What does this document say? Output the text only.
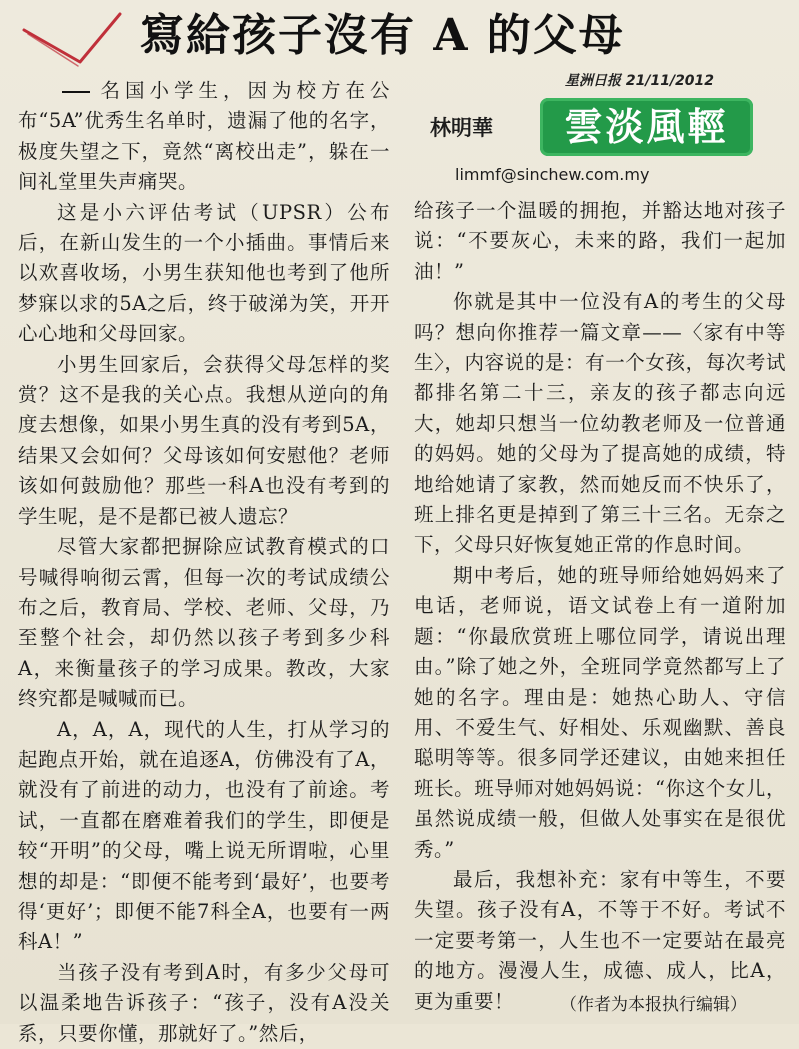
寫給孩子沒有 A 的父母
星洲日报 21/11/2012
林明華	雲淡風輕
limmf@sinchew.com.my

名国小学生，因为校方在公布“5A”优秀生名单时，遗漏了他的名字，极度失望之下，竟然“离校出走”，躲在一间礼堂里失声痛哭。

这是小六评估考试（UPSR）公布后，在新山发生的一个小插曲。事情后来以欢喜收场，小男生获知他也考到了他所梦寐以求的5A之后，终于破涕为笑，开开心心地和父母回家。

小男生回家后，会获得父母怎样的奖赏？这不是我的关心点。我想从逆向的角度去想像，如果小男生真的没有考到5A，结果又会如何？父母该如何安慰他？老师该如何鼓励他？那些一科A也没有考到的学生呢，是不是都已被人遗忘？

尽管大家都把摒除应试教育模式的口号喊得响彻云霄，但每一次的考试成绩公布之后，教育局、学校、老师、父母，乃至整个社会，却仍然以孩子考到多少科A，来衡量孩子的学习成果。教改，大家终究都是喊喊而已。

A，A，A，现代的人生，打从学习的起跑点开始，就在追逐A，仿佛没有了A，就没有了前进的动力，也没有了前途。考试，一直都在磨难着我们的学生，即便是较“开明”的父母，嘴上说无所谓啦，心里想的却是：“即便不能考到‘最好’，也要考得‘更好’；即便不能7科全A，也要有一两科A！”

当孩子没有考到A时，有多少父母可以温柔地告诉孩子：“孩子，没有A没关系，只要你懂，那就好了。”然后，

给孩子一个温暖的拥抱，并豁达地对孩子说：“不要灰心，未来的路，我们一起加油！”

你就是其中一位没有A的考生的父母吗？想向你推荐一篇文章——〈家有中等生〉，内容说的是：有一个女孩，每次考试都排名第二十三，亲友的孩子都志向远大，她却只想当一位幼教老师及一位普通的妈妈。她的父母为了提高她的成绩，特地给她请了家教，然而她反而不快乐了，班上排名更是掉到了第三十三名。无奈之下，父母只好恢复她正常的作息时间。

期中考后，她的班导师给她妈妈来了电话，老师说，语文试卷上有一道附加题：“你最欣赏班上哪位同学，请说出理由。”除了她之外，全班同学竟然都写上了她的名字。理由是：她热心助人、守信用、不爱生气、好相处、乐观幽默、善良聪明等等。很多同学还建议，由她来担任班长。班导师对她妈妈说：“你这个女儿，虽然说成绩一般，但做人处事实在是很优秀。”

最后，我想补充：家有中等生，不要失望。孩子没有A，不等于不好。考试不一定要考第一，人生也不一定要站在最亮的地方。漫漫人生，成德、成人，比A，更为重要！	（作者为本报执行编辑）
